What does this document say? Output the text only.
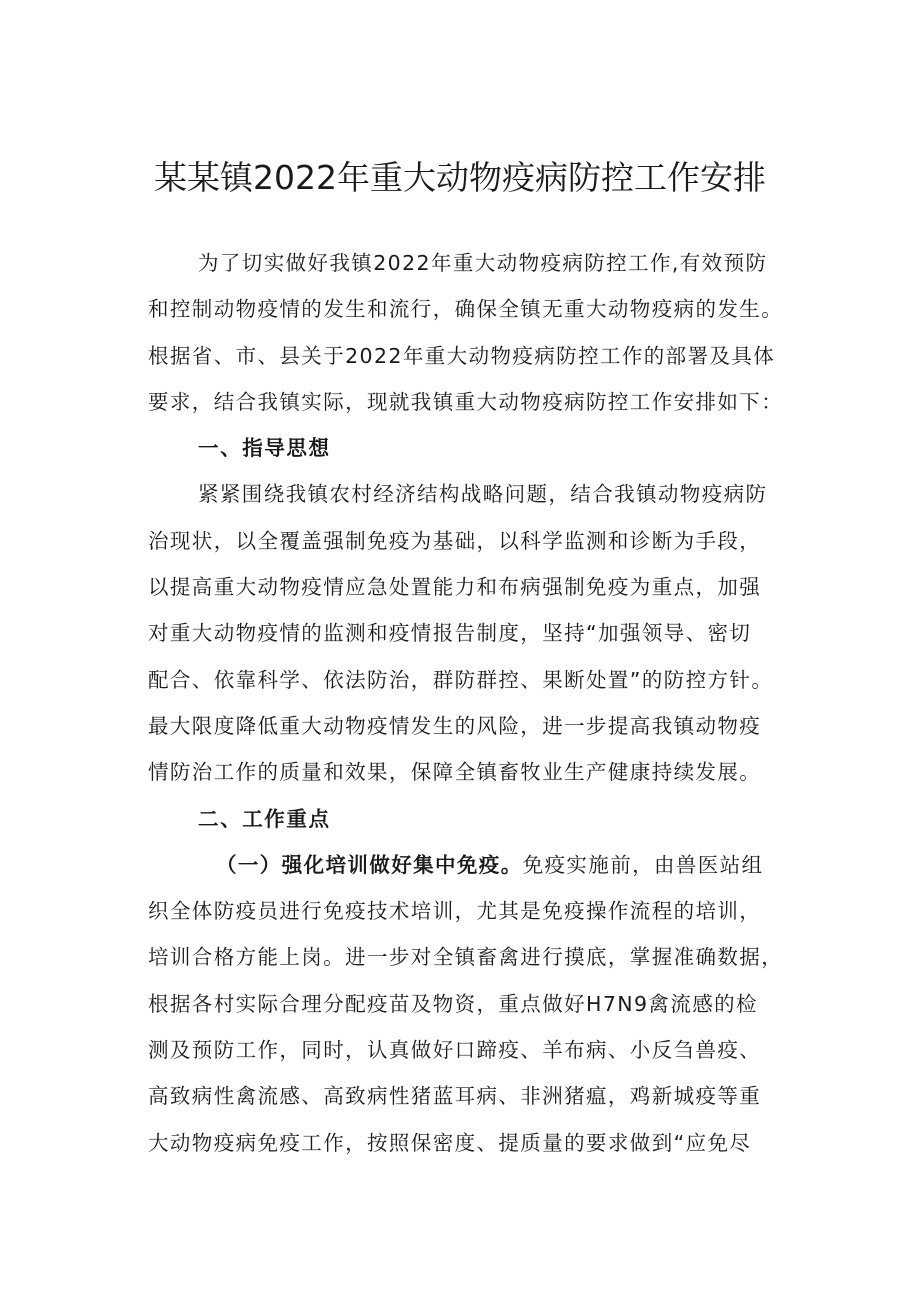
某某镇2022年重大动物疫病防控工作安排
为了切实做好我镇2022年重大动物疫病防控工作,有效预防
和控制动物疫情的发生和流行，确保全镇无重大动物疫病的发生。
根据省、市、县关于2022年重大动物疫病防控工作的部署及具体
要求，结合我镇实际，现就我镇重大动物疫病防控工作安排如下：
一、指导思想
紧紧围绕我镇农村经济结构战略问题，结合我镇动物疫病防
治现状，以全覆盖强制免疫为基础，以科学监测和诊断为手段，
以提高重大动物疫情应急处置能力和布病强制免疫为重点，加强
对重大动物疫情的监测和疫情报告制度，坚持“加强领导、密切
配合、依靠科学、依法防治，群防群控、果断处置”的防控方针。
最大限度降低重大动物疫情发生的风险，进一步提高我镇动物疫
情防治工作的质量和效果，保障全镇畜牧业生产健康持续发展。
二、工作重点
（一）强化培训做好集中免疫。免疫实施前，由兽医站组
织全体防疫员进行免疫技术培训，尤其是免疫操作流程的培训，
培训合格方能上岗。进一步对全镇畜禽进行摸底，掌握准确数据，
根据各村实际合理分配疫苗及物资，重点做好H7N9禽流感的检
测及预防工作，同时，认真做好口蹄疫、羊布病、小反刍兽疫、
高致病性禽流感、高致病性猪蓝耳病、非洲猪瘟，鸡新城疫等重
大动物疫病免疫工作，按照保密度、提质量的要求做到“应免尽
